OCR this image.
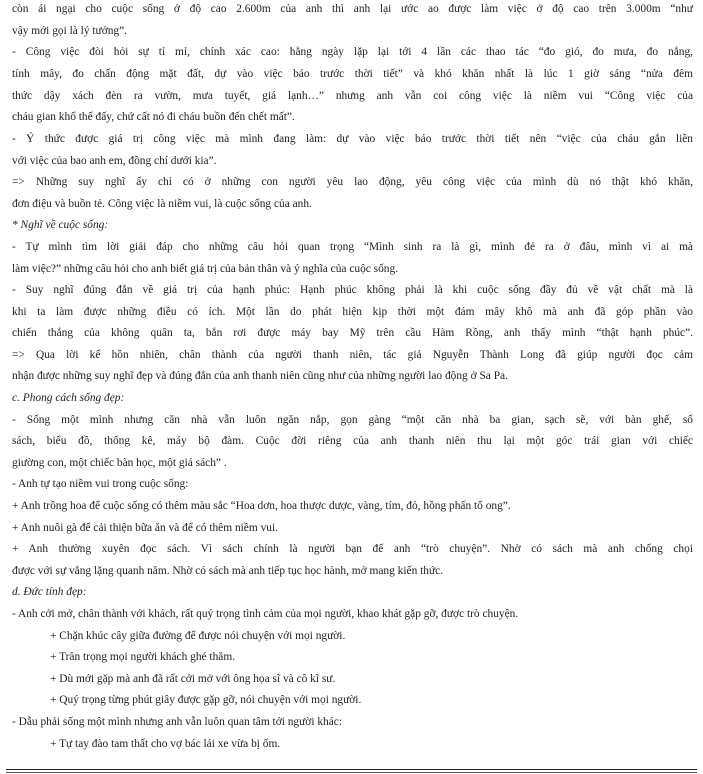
còn ái ngại cho cuộc sống ở độ cao 2.600m của anh thì anh lại ước ao được làm việc ở độ cao trên 3.000m “như
vậy mới gọi là lý tưởng”.
- Công việc đòi hỏi sự tỉ mỉ, chính xác cao: hằng ngày lặp lại tới 4 lần các thao tác “đo gió, đo mưa, đo nắng,
tính mây, đo chấn động mặt đất, dự vào việc báo trước thời tiết” và khó khăn nhất là lúc 1 giờ sáng “nửa đêm
thức dậy xách đèn ra vườn, mưa tuyết, giá lạnh…” nhưng anh vẫn coi công việc là niềm vui “Công việc của
cháu gian khổ thế đấy, chứ cất nó đi cháu buồn đến chết mất”.
- Ý thức được giá trị công việc mà mình đang làm: dự vào việc báo trước thời tiết nên “việc của cháu gắn liền
với việc của bao anh em, đồng chí dưới kia”.
=> Những suy nghĩ ấy chỉ có ở những con người yêu lao động, yêu công việc của mình dù nó thật khó khăn,
đơn điệu và buồn tẻ. Công việc là niềm vui, là cuộc sống của anh.
* Nghĩ về cuộc sống:
- Tự mình tìm lời giải đáp cho những câu hỏi quan trọng “Mình sinh ra là gì, mình đẻ ra ở đâu, mình vì ai mà
làm việc?” những câu hỏi cho anh biết giá trị của bản thân và ý nghĩa của cuộc sống.
- Suy nghĩ đúng đắn về giá trị của hạnh phúc: Hạnh phúc không phải là khi cuộc sống đầy đủ về vật chất mà là
khi ta làm được những điều có ích. Một lần do phát hiện kịp thời một đám mây khô mà anh đã góp phần vào
chiến thắng của không quân ta, bắn rơi được máy bay Mỹ trên cầu Hàm Rồng, anh thấy mình “thật hạnh phúc”.
=> Qua lời kể hồn nhiên, chân thành của người thanh niên, tác giả Nguyễn Thành Long đã giúp người đọc cảm
nhận được những suy nghĩ đẹp và đúng đắn của anh thanh niên cũng như của những người lao động ở Sa Pa.
c. Phong cách sống đẹp:
- Sống một mình nhưng căn nhà vẫn luôn ngăn nắp, gọn gàng “một căn nhà ba gian, sạch sẽ, với bàn ghế, sổ
sách, biểu đồ, thống kê, máy bộ đàm. Cuộc đời riêng của anh thanh niên thu lại một góc trái gian với chiếc
giường con, một chiếc bàn học, một giá sách” .
- Anh tự tạo niềm vui trong cuộc sống:
+ Anh trồng hoa để cuộc sống có thêm màu sắc “Hoa dơn, hoa thược dược, vàng, tím, đỏ, hồng phấn tổ ong”.
+ Anh nuôi gà để cải thiện bữa ăn và để có thêm niềm vui.
+ Anh thường xuyên đọc sách. Vì sách chính là người bạn để anh “trò chuyện”. Nhờ có sách mà anh chống chọi
được với sự vắng lặng quanh năm. Nhờ có sách mà anh tiếp tục học hành, mở mang kiến thức.
d. Đức tính đẹp:
- Anh cởi mở, chân thành với khách, rất quý trọng tình cảm của mọi người, khao khát gặp gỡ, được trò chuyện.
+ Chặn khúc cây giữa đường để được nói chuyện với mọi người.
+ Trân trọng mọi người khách ghé thăm.
+ Dù mới gặp mà anh đã rất cởi mở với ông họa sĩ và cô kĩ sư.
+ Quý trọng từng phút giây được gặp gỡ, nói chuyện với mọi người.
- Dẫu phải sống một mình nhưng anh vẫn luôn quan tâm tới người khác:
+ Tự tay đào tam thất cho vợ bác lái xe vừa bị ốm.
